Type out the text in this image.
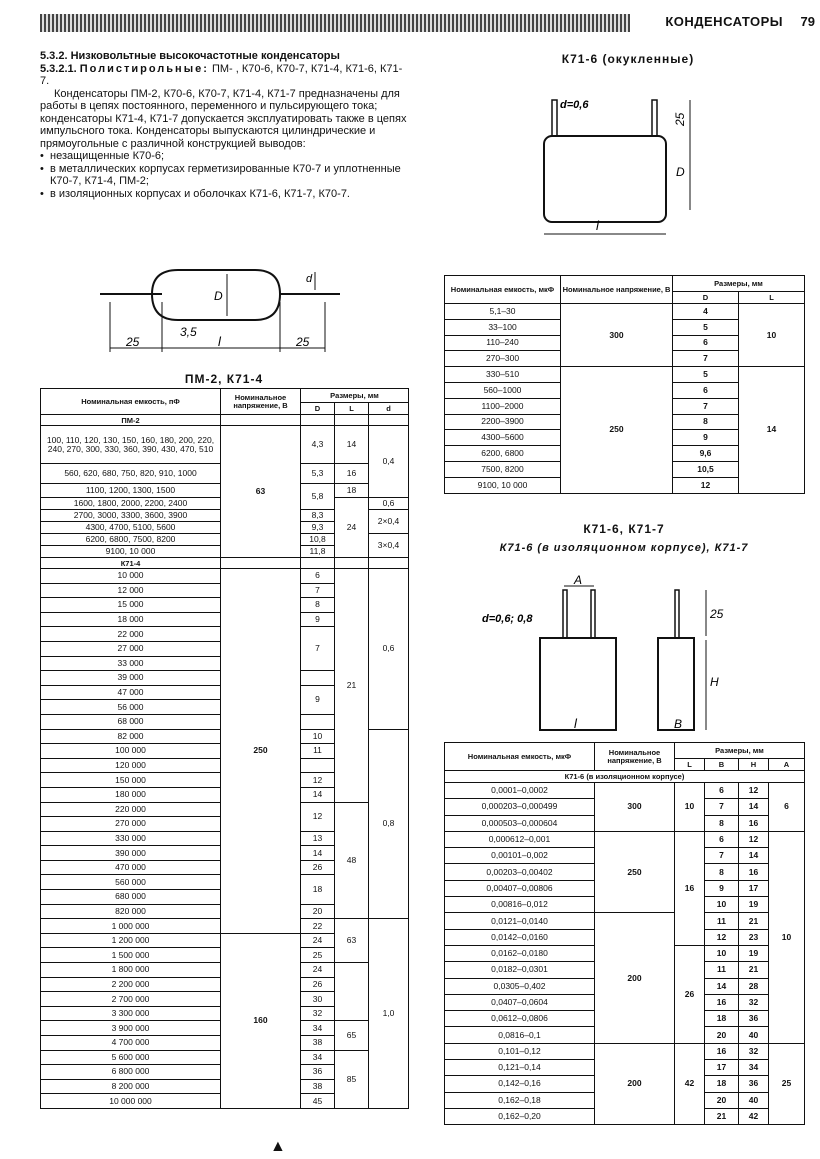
КОНДЕНСАТОРЫ 79
5.3.2. Низковольтные высокочастотные конденсаторы
5.3.2.1. Полистирольные: ПМ- , К70-6, К70-7, К71-4, К71-6, К71-7.
Конденсаторы ПМ-2, К70-6, К70-7, К71-4, К71-7 предназначены для работы в цепях постоянного, переменного и пульсирующего тока; конденсаторы К71-4, К71-7 допускается эксплуатировать также в цепях импульсного тока. Конденсаторы выпускаются цилиндрические и прямоугольные с различной конструкцией выводов:
• незащищенные К70-6;
• в металлических корпусах герметизированные К70-7 и уплотненные К70-7, К71-4, ПМ-2;
• в изоляционных корпусах и оболочках К71-6, К71-7, К70-7.
D
d
25
3,5
l	25
ПМ-2, К71-4
Номинальная емкость, пФ	Номинальное напряжение, В	Размеры, мм		
		D	L	d
ПМ-2				
100, 110, 120, 130, 150, 160, 180, 200, 220, 240, 270, 300, 330, 360, 390, 430, 470, 510	63	4,3	14	0,4
560, 620, 680, 750, 820, 910, 1000		5,3	16	
1100, 1200, 1300, 1500		5,8	18	
1600, 1800, 2000, 2200, 2400			24	0,6
2700, 3000, 3300, 3600, 3900		8,3		2×0,4
4300, 4700, 5100, 5600		9,3		
6200, 6800, 7500, 8200		10,8		3×0,4
9100, 10 000		11,8		
К71-4				
10 000	250	6	21	0,6
12 000		7		
15 000		8		
18 000		9		
22 000		7		
27 000				
33 000				
39 000				
47 000		9		
56 000				
68 000				
82 000		10		0,8
100 000		11		
120 000				
150 000		12		
180 000		14		
220 000		12	48	
270 000				
330 000		13		
390 000		14		
470 000		26		
560 000		18		
680 000				
820 000		20		
1 000 000		22	63	1,0
1 200 000	160	24		
1 500 000		25		
1 800 000		24		
2 200 000		26		
2 700 000		30		
3 300 000		32		
3 900 000		34	65	
4 700 000		38		
5 600 000		34	85	
6 800 000		36		
8 200 000		38		
10 000 000		45		
К71-6 (окукленные)
d=0,6
25
D
l
Номинальная емкость, мкФ	Номинальное напряжение, В	Размеры, мм	
		D	L
5,1–30	300	4	10
33–100		5	
110–240		6	
270–300		7	
330–510	250	5	14
560–1000		6	
1100–2000		7	
2200–3900		8	
4300–5600		9	
6200, 6800		9,6	
7500, 8200		10,5	
9100, 10 000		12	
К71-6, К71-7
К71-6 (в изоляционном корпусе), К71-7
A
d=0,6; 0,8	25
H
l	B
Номинальная емкость, мкФ	Номинальное напряжение, В	Размеры, мм			
		L	B	H	A
К71-6 (в изоляционном корпусе)					
0,0001–0,0002	300	10	6	12	6
0,000203–0,000499			7	14	
0,000503–0,000604			8	16	
0,000612–0,001	250	16	6	12	10
0,00101–0,002			7	14	
0,00203–0,00402			8	16	
0,00407–0,00806			9	17	
0,00816–0,012			10	19	
0,0121–0,0140	200		11	21	
0,0142–0,0160			12	23	
0,0162–0,0180		26	10	19	
0,0182–0,0301			11	21	
0,0305–0,402			14	28	
0,0407–0,0604			16	32	
0,0612–0,0806			18	36	
0,0816–0,1			20	40	
0,101–0,12	200	42	16	32	25
0,121–0,14			17	34	
0,142–0,16			18	36	
0,162–0,18			20	40	
0,162–0,20			21	42	
▲
